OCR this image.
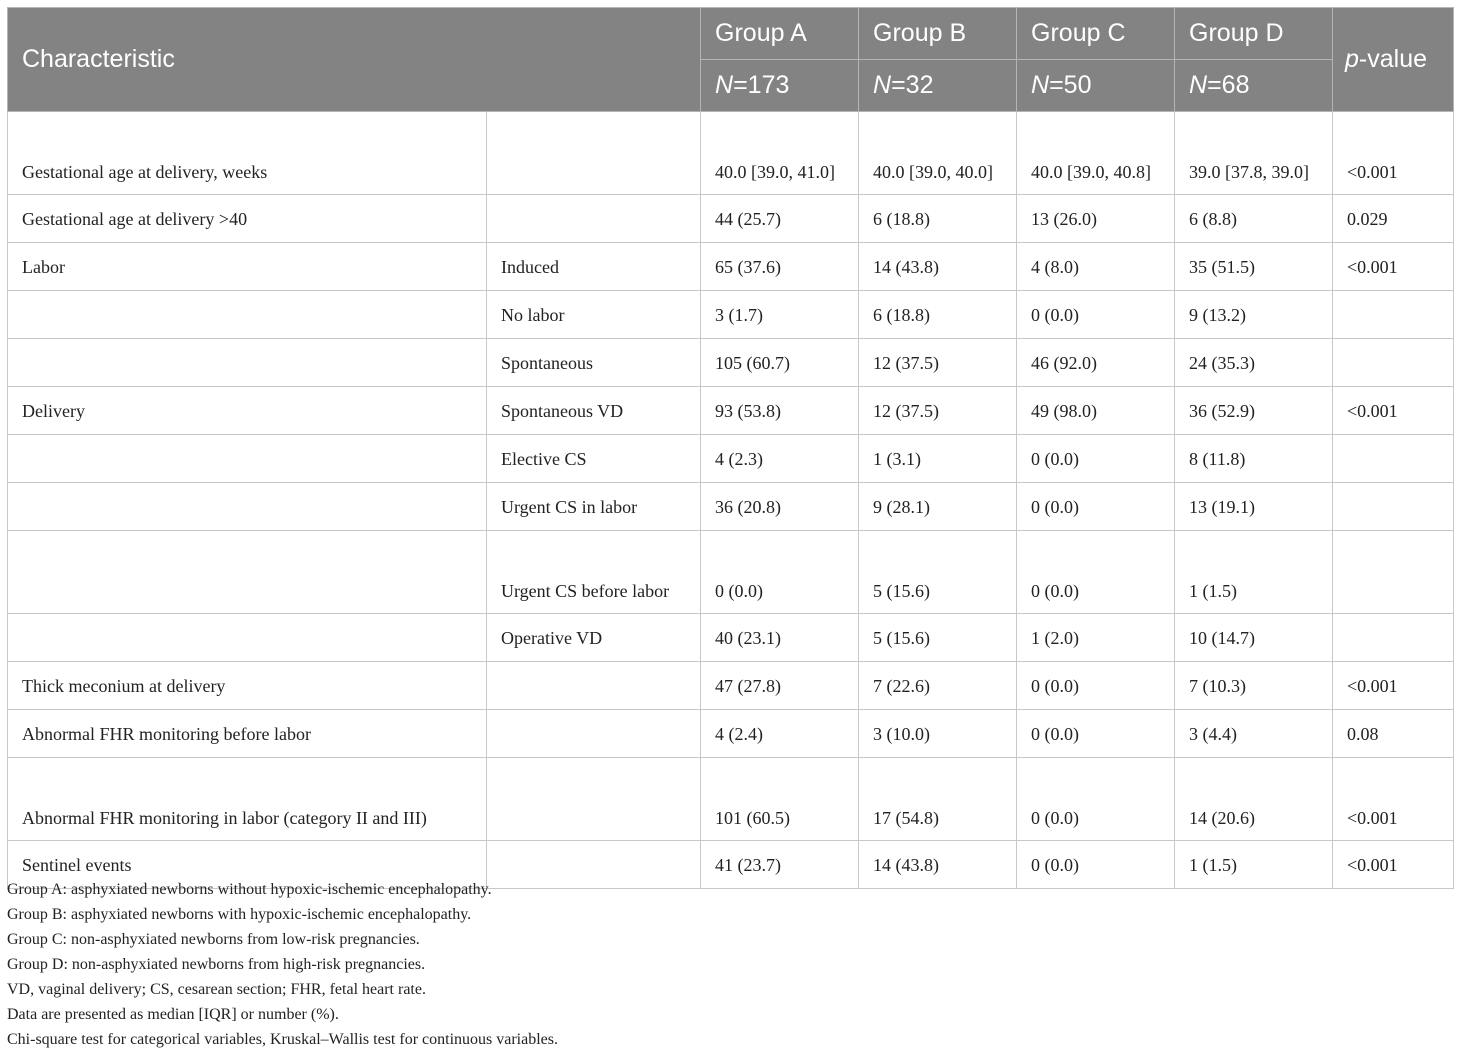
Characteristic		Group A	Group B	Group C	Group D	p-value
		N=173	N=32	N=50	N=68	
Gestational age at delivery, weeks		40.0 [39.0, 41.0]	40.0 [39.0, 40.0]	40.0 [39.0, 40.8]	39.0 [37.8, 39.0]	<0.001
Gestational age at delivery >40		44 (25.7)	6 (18.8)	13 (26.0)	6 (8.8)	0.029
Labor	Induced	65 (37.6)	14 (43.8)	4 (8.0)	35 (51.5)	<0.001
	No labor	3 (1.7)	6 (18.8)	0 (0.0)	9 (13.2)	
	Spontaneous	105 (60.7)	12 (37.5)	46 (92.0)	24 (35.3)	
Delivery	Spontaneous VD	93 (53.8)	12 (37.5)	49 (98.0)	36 (52.9)	<0.001
	Elective CS	4 (2.3)	1 (3.1)	0 (0.0)	8 (11.8)	
	Urgent CS in labor	36 (20.8)	9 (28.1)	0 (0.0)	13 (19.1)	
	Urgent CS before labor	0 (0.0)	5 (15.6)	0 (0.0)	1 (1.5)	
	Operative VD	40 (23.1)	5 (15.6)	1 (2.0)	10 (14.7)	
Thick meconium at delivery		47 (27.8)	7 (22.6)	0 (0.0)	7 (10.3)	<0.001
Abnormal FHR monitoring before labor		4 (2.4)	3 (10.0)	0 (0.0)	3 (4.4)	0.08
Abnormal FHR monitoring in labor (category II and III)		101 (60.5)	17 (54.8)	0 (0.0)	14 (20.6)	<0.001
Sentinel events		41 (23.7)	14 (43.8)	0 (0.0)	1 (1.5)	<0.001
Group A: asphyxiated newborns without hypoxic-ischemic encephalopathy.
Group B: asphyxiated newborns with hypoxic-ischemic encephalopathy.
Group C: non-asphyxiated newborns from low-risk pregnancies.
Group D: non-asphyxiated newborns from high-risk pregnancies.
VD, vaginal delivery; CS, cesarean section; FHR, fetal heart rate.
Data are presented as median [IQR] or number (%).
Chi-square test for categorical variables, Kruskal–Wallis test for continuous variables.
